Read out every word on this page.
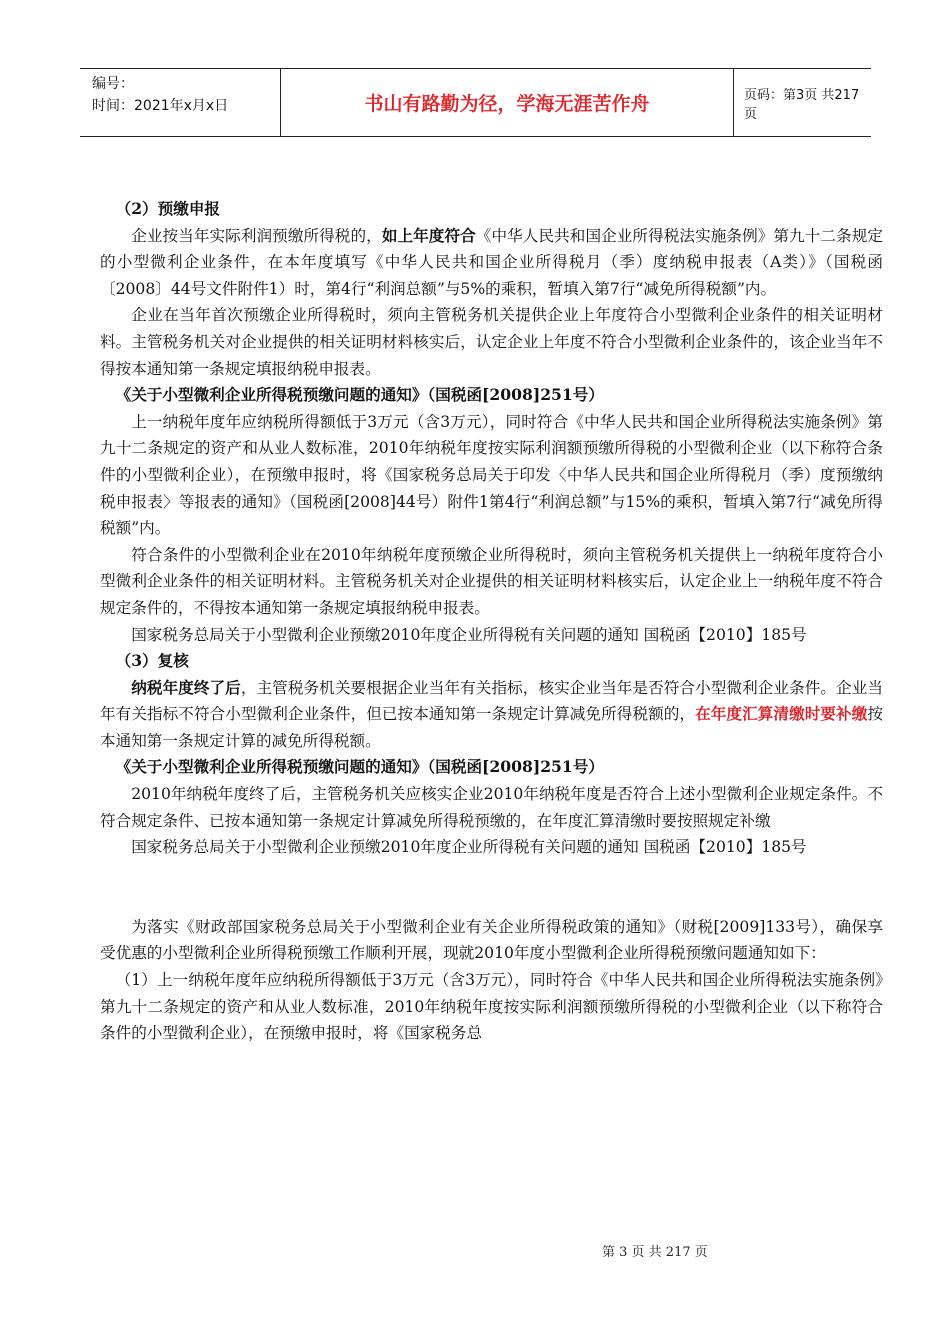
编号：
时间：2021年x月x日	书山有路勤为径，学海无涯苦作舟	页码：第3页 共217页

（2）预缴申报

企业按当年实际利润预缴所得税的，如上年度符合《中华人民共和国企业所得税法实施条例》第九十二条规定的小型微利企业条件，在本年度填写《中华人民共和国企业所得税月（季）度纳税申报表（A类）》（国税函〔2008〕44号文件附件1）时，第4行“利润总额”与5%的乘积，暂填入第7行“减免所得税额”内。

企业在当年首次预缴企业所得税时，须向主管税务机关提供企业上年度符合小型微利企业条件的相关证明材料。主管税务机关对企业提供的相关证明材料核实后，认定企业上年度不符合小型微利企业条件的，该企业当年不得按本通知第一条规定填报纳税申报表。

《关于小型微利企业所得税预缴问题的通知》（国税函[2008]251号）

上一纳税年度年应纳税所得额低于3万元（含3万元），同时符合《中华人民共和国企业所得税法实施条例》第九十二条规定的资产和从业人数标准，2010年纳税年度按实际利润额预缴所得税的小型微利企业（以下称符合条件的小型微利企业），在预缴申报时，将《国家税务总局关于印发〈中华人民共和国企业所得税月（季）度预缴纳税申报表〉等报表的通知》（国税函[2008]44号）附件1第4行“利润总额”与15%的乘积，暂填入第7行“减免所得税额”内。

符合条件的小型微利企业在2010年纳税年度预缴企业所得税时，须向主管税务机关提供上一纳税年度符合小型微利企业条件的相关证明材料。主管税务机关对企业提供的相关证明材料核实后，认定企业上一纳税年度不符合规定条件的，不得按本通知第一条规定填报纳税申报表。

国家税务总局关于小型微利企业预缴2010年度企业所得税有关问题的通知 国税函【2010】185号

（3）复核

纳税年度终了后，主管税务机关要根据企业当年有关指标，核实企业当年是否符合小型微利企业条件。企业当年有关指标不符合小型微利企业条件，但已按本通知第一条规定计算减免所得税额的，在年度汇算清缴时要补缴按本通知第一条规定计算的减免所得税额。

《关于小型微利企业所得税预缴问题的通知》（国税函[2008]251号）

2010年纳税年度终了后，主管税务机关应核实企业2010年纳税年度是否符合上述小型微利企业规定条件。不符合规定条件、已按本通知第一条规定计算减免所得税预缴的，在年度汇算清缴时要按照规定补缴

国家税务总局关于小型微利企业预缴2010年度企业所得税有关问题的通知 国税函【2010】185号

为落实《财政部国家税务总局关于小型微利企业有关企业所得税政策的通知》（财税[2009]133号），确保享受优惠的小型微利企业所得税预缴工作顺利开展，现就2010年度小型微利企业所得税预缴问题通知如下：

（1）上一纳税年度年应纳税所得额低于3万元（含3万元），同时符合《中华人民共和国企业所得税法实施条例》第九十二条规定的资产和从业人数标准，2010年纳税年度按实际利润额预缴所得税的小型微利企业（以下称符合条件的小型微利企业），在预缴申报时，将《国家税务总

第 3 页 共 217 页
